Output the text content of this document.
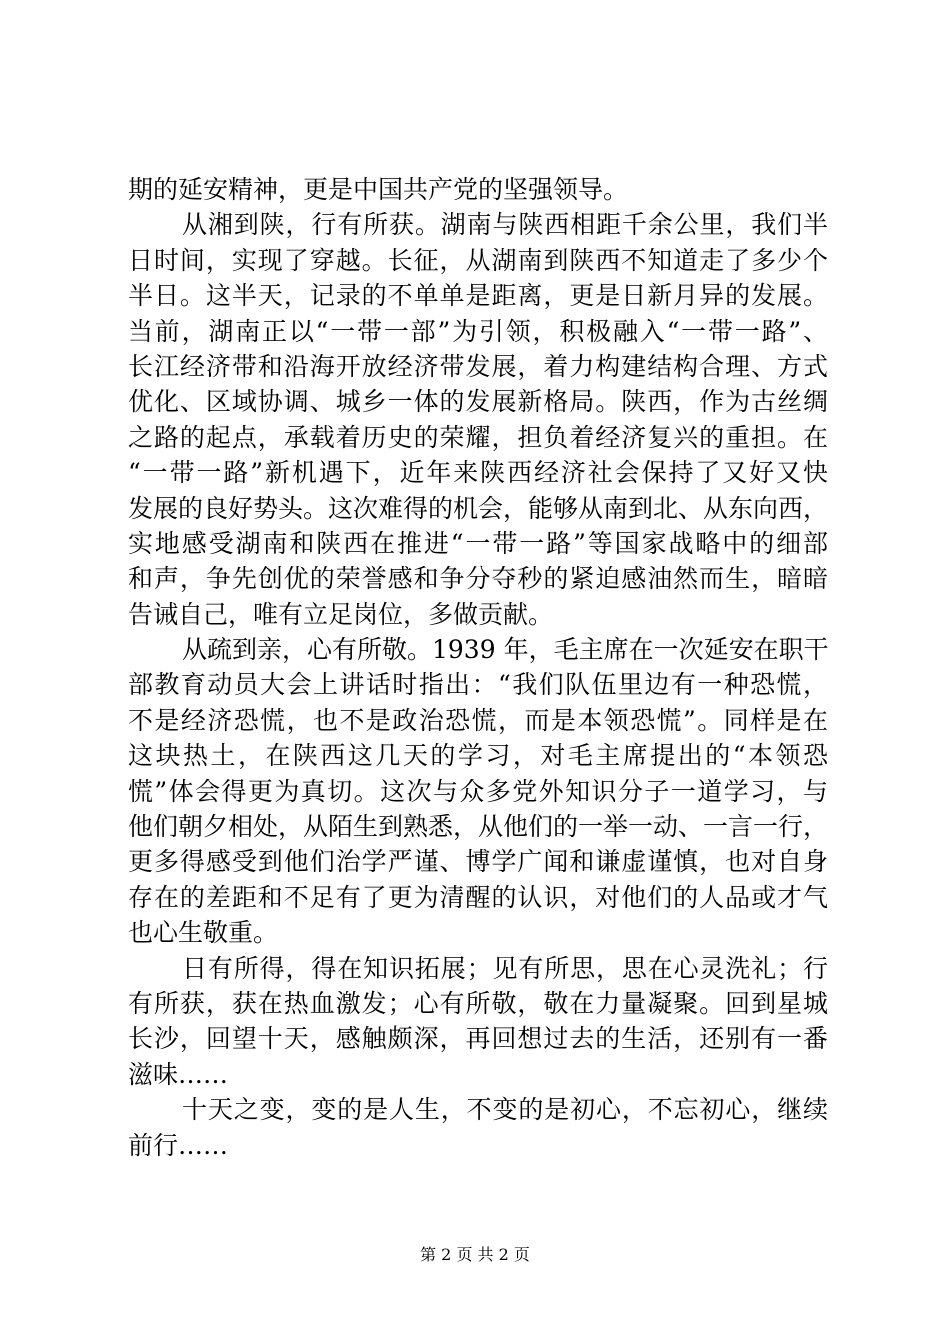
期的延安精神，更是中国共产党的坚强领导。
从湘到陕，行有所获。湖南与陕西相距千余公里，我们半
日时间，实现了穿越。长征，从湖南到陕西不知道走了多少个
半日。这半天，记录的不单单是距离，更是日新月异的发展。
当前，湖南正以“一带一部”为引领，积极融入“一带一路”、
长江经济带和沿海开放经济带发展，着力构建结构合理、方式
优化、区域协调、城乡一体的发展新格局。陕西，作为古丝绸
之路的起点，承载着历史的荣耀，担负着经济复兴的重担。在
“一带一路”新机遇下，近年来陕西经济社会保持了又好又快
发展的良好势头。这次难得的机会，能够从南到北、从东向西，
实地感受湖南和陕西在推进“一带一路”等国家战略中的细部
和声，争先创优的荣誉感和争分夺秒的紧迫感油然而生，暗暗
告诫自己，唯有立足岗位，多做贡献。
从疏到亲，心有所敬。1939 年，毛主席在一次延安在职干
部教育动员大会上讲话时指出：“我们队伍里边有一种恐慌，
不是经济恐慌，也不是政治恐慌，而是本领恐慌”。同样是在
这块热土，在陕西这几天的学习，对毛主席提出的“本领恐
慌”体会得更为真切。这次与众多党外知识分子一道学习，与
他们朝夕相处，从陌生到熟悉，从他们的一举一动、一言一行，
更多得感受到他们治学严谨、博学广闻和谦虚谨慎，也对自身
存在的差距和不足有了更为清醒的认识，对他们的人品或才气
也心生敬重。
日有所得，得在知识拓展；见有所思，思在心灵洗礼；行
有所获，获在热血激发；心有所敬，敬在力量凝聚。回到星城
长沙，回望十天，感触颇深，再回想过去的生活，还别有一番
滋味……
十天之变，变的是人生，不变的是初心，不忘初心，继续
前行……
第 2 页 共 2 页
